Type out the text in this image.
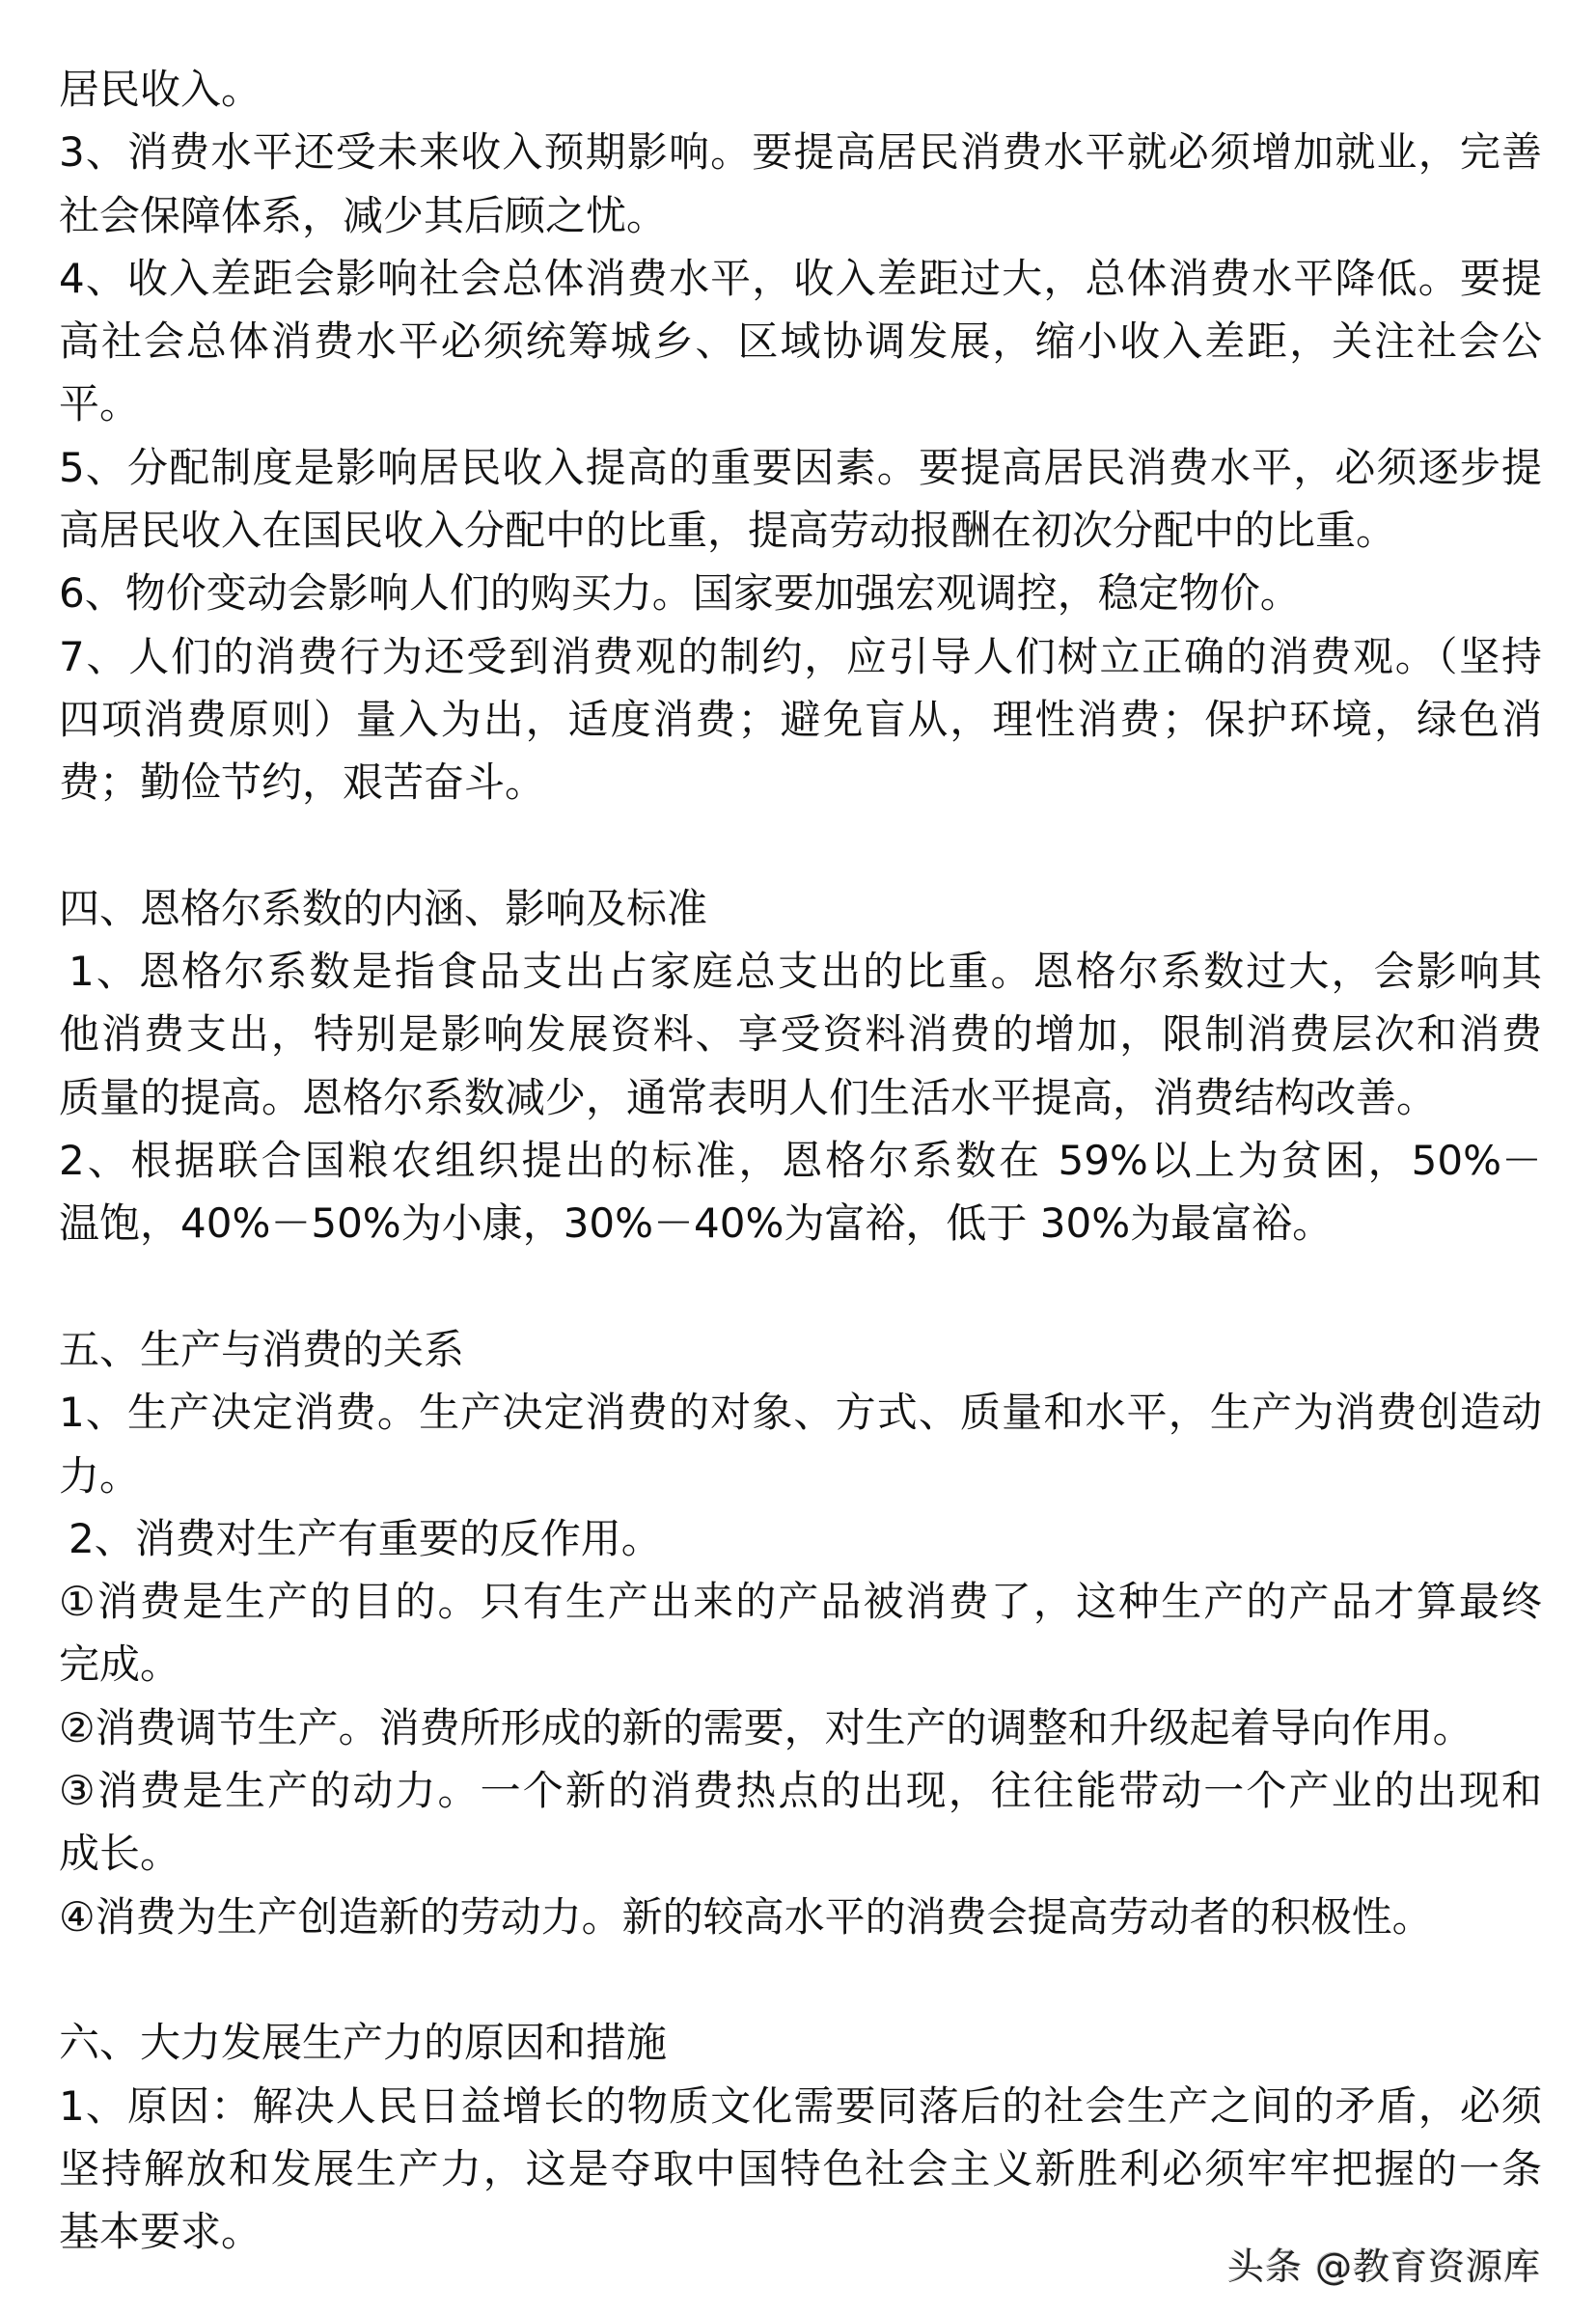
居民收入。
3、消费水平还受未来收入预期影响。要提高居民消费水平就必须增加就业，完善
社会保障体系，减少其后顾之忧。
4、收入差距会影响社会总体消费水平，收入差距过大，总体消费水平降低。要提
高社会总体消费水平必须统筹城乡、区域协调发展，缩小收入差距，关注社会公
平。
5、分配制度是影响居民收入提高的重要因素。要提高居民消费水平，必须逐步提
高居民收入在国民收入分配中的比重，提高劳动报酬在初次分配中的比重。
6、物价变动会影响人们的购买力。国家要加强宏观调控，稳定物价。
7、人们的消费行为还受到消费观的制约，应引导人们树立正确的消费观。（坚持
四项消费原则）量入为出，适度消费；避免盲从，理性消费；保护环境，绿色消
费；勤俭节约，艰苦奋斗。
四、恩格尔系数的内涵、影响及标准
1、恩格尔系数是指食品支出占家庭总支出的比重。恩格尔系数过大，会影响其
他消费支出，特别是影响发展资料、享受资料消费的增加，限制消费层次和消费
质量的提高。恩格尔系数减少，通常表明人们生活水平提高，消费结构改善。
2、根据联合国粮农组织提出的标准，恩格尔系数在 59%以上为贫困，50%－
温饱，40%－50%为小康，30%－40%为富裕，低于 30%为最富裕。
五、生产与消费的关系
1、生产决定消费。生产决定消费的对象、方式、质量和水平，生产为消费创造动
力。
2、消费对生产有重要的反作用。
①消费是生产的目的。只有生产出来的产品被消费了，这种生产的产品才算最终
完成。
②消费调节生产。消费所形成的新的需要，对生产的调整和升级起着导向作用。
③消费是生产的动力。一个新的消费热点的出现，往往能带动一个产业的出现和
成长。
④消费为生产创造新的劳动力。新的较高水平的消费会提高劳动者的积极性。
六、大力发展生产力的原因和措施
1、原因：解决人民日益增长的物质文化需要同落后的社会生产之间的矛盾，必须
坚持解放和发展生产力，这是夺取中国特色社会主义新胜利必须牢牢把握的一条
基本要求。
头条 @教育资源库
